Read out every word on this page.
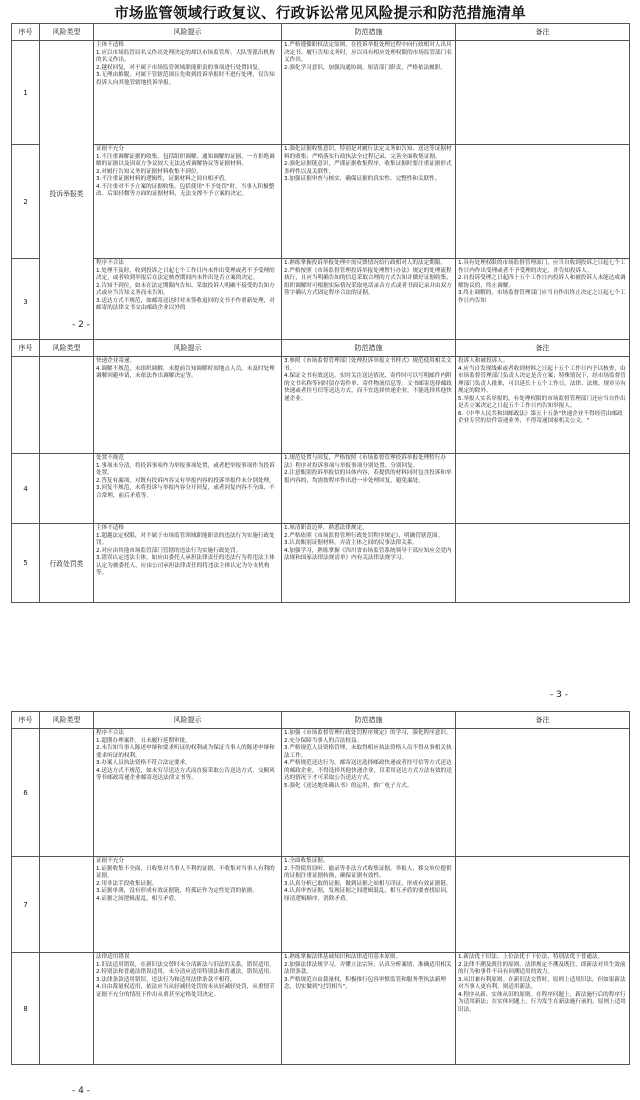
市场监管领域行政复议、行政诉讼常见风险提示和防范措施清单
序号	风险类型	风险提示	防范措施	备注
1	投诉举报类	主体不适格
1.应以市场监管局名义作出处理决定的却以市场监管所、大队等派出机构的名义作出。
2.越权回复，对不属于市场监管领域职能职责的事项进行处置回复。
3.无理由推脱，对属于管辖范围且先收到投诉举报时不进行处理，仅告知投诉人向其他管辖地投诉举报。	1.严格遵循职权法定原则，在投诉举报处理过程中向行政相对人出具决定书、履行告知义务时，应以具有相应处理权限的市场监管部门名义作出。
2.强化学习意识，加强沟通协调，厘清部门职责，严格依法履职。	

2		证据不充分
1.不注重调解证据的收集，包括组织调解、通知调解的证据、一方拒绝调解的证据以及因双方争议较大无法达成调解协议等证据材料。
2.对履行告知义务的证据材料收集不到位。
3.不注重证据材料的逻辑性，证据材料之间自相矛盾。
4.不注重对不予立案的证据收集，包括使用"不予处罚"时，当事人积极整改、后果轻微等方面的证据材料，无法支撑不予立案的决定。	1.强化证据收集意识，特别是对履行法定义务如告知、送达等证据材料的收集；严格落实行政执法全过程记录，完善全面收集证据。
2.强化证据链意识，严谨证据收集程序，收集证据时要注重证据形式多样性以及关联性。
3.加强证据审查与核实，确保证据的真实性、完整性和关联性。	

3		程序不合法
1.处理不及时，收到投诉之日起七个工作日内未作出受理或者不予受理的决定，或者收到举报后在法定核查期间内未作出是否立案的决定。
2.告知不到位，如未在法定期限内告知、采取投诉人明确不接受的告知方式或应当告知义务而未告知。
3.送达方式不规范，如邮寄送达时对未签收退回的文书不作重新处理，对邮寄的法律文书交由邮政企业以外的	1.熟练掌握投诉举报处理中需反馈情况给行政相对人的法定期限。
2.严格按照《市场监督管理投诉举报处理暂行办法》规定的处理流程执行，且应当明确告知的信息采取合理的方式告知并做好证据收集，组织调解时可根据实际情况采取电话录音方式或者书面记录并由双方签字确认方式固定程序合法的证据。	1.具有处理权限的市场监督管理部门，应当自收到投诉之日起七个工作日内作出受理或者不予受理的决定，并告知投诉人。
2.自投诉受理之日起四十五个工作日内投诉人和被投诉人未能达成调解协议的，终止调解。
3.终止调解的，市场监督管理部门应当自作出终止决定之日起七个工作日内告知
- 2 -
序号	风险类型	风险提示	防范措施	备注

		快递企业寄递。
4.调解不规范，未组织调解，未提前告知调解时间地点人员，未及时处理调解回避申请，未依法作出调解决定等。	3.参照《市场监督管理部门处理投诉举报文书样式》规范使用相关文书。
4.保证文书有效送达，实时关注送达情况，寄件时可以写明邮件内附的文书名称等同时留存寄件单、寄件物流信息等。文书邮寄选择邮政快递或者挂号信等送达方式，而不宜选择快递企业，不能选择其他快递企业。	投诉人和被投诉人。
4.应当自发现线索或者收到材料之日起十五个工作日内予以核查，由市场监督管理部门负责人决定是否立案；特殊情况下，经市场监督管理部门负责人批准，可以延长十五个工作日。法律、法规、规章另有规定的除外。
5.举报人实名举报的，有处理权限的市场监督管理部门还应当自作出是否立案决定之日起五个工作日内告知举报人。
6.《中华人民共和国邮政法》第五十五条"快递企业不得经营由邮政企业专营的信件寄递业务，不得寄递国家机关公文。"

4		处置不规范
1.事项未分清，将投诉事项作为举报事项处置，或者把举报事项作为投诉处置。
2.答复有漏项，对既有投诉内容又有举报内容的投诉举报件未分别处理。
3.回复不规范，未将投诉与举报内容分开回复，或者回复内容不全面、不合常理、前后矛盾等。	1.规范处置与回复，严格按照《市场监督管理投诉举报处理暂行办法》程序对投诉事项与举报事项分别处置、分别回复。
2.注意甄别投诉举报信的具体内容，若提供的材料同时包含投诉和举报内容的，均需按程序作出进一步处理回复，避免漏处。	

5	行政处罚类	主体不适格
1.超越法定权限，对不属于市场监管领域职能职责的违法行为实施行政处罚。
2.对应由其他市场监管部门管辖的违法行为实施行政处罚。
3.错误认定违法主体，如应由委托人承担法律责任的违法行为将违法主体认定为被委托人，应由公司承担法律责任的将违法主体认定为分支机构等。	1.厘清职责边界，熟悉法律规定。
2.严格依照《市场监督管理行政处罚程序规定》，明确管辖范围。
3.认真甄别证据材料，弄清主体之间的民事法律关系。
4.加强学习，熟练掌握《四川省市场监管系统领导干部应知应会党内法规和国家法律法规清单》内有关法律法规学习。	

- 3 -
序号	风险类型	风险提示	防范措施	备注
6		程序不合法
1.超期办理案件，且未履行延期审批。
2.未告知当事人陈述申辩和要求听证的权利或为保证当事人的陈述申辩和要求听证的权利。
3.办案人员执法资格不符合法定要求。
4.送达方式不规范，如未穷尽送达方式而直接采取公告送达方式，交顺风等非邮政寄递企业邮寄送达法律文书等。	1.加强《市场监督管理行政处罚程序规定》的学习，强化程序意识。
2.充分保障当事人的合法权益。
3.严格规范人员资格管理，未取得相应执法资格人员不得从事相关执法工作。
4.严格规范送达行为，邮寄送达选择邮政快递或者挂号信等方式送达的邮政企业，不得选择其他快递企业，仅采用送达方式方法有效的送达的情况下才可采取公告送达方式。
5.强化《送达地址确认书》的运用，推广电子方式。	

7		证据不充分
1.证据收集不全面，只收集对当事人不利的证据，不收集对当事人有利的证据。
2.用非法手段收集证据。
3.证据单薄，没有形成有效证据链，将孤证作为定性处罚的依据。
4.证据之间逻辑混乱，相互矛盾。	1.全面收集证据。
2.不得使用窃听、偷录等非法方式收集证据，举报人、移交单位提供的证据注重证据转换，确保证据有效性。
3.认真分析已取的证据，做到证据之间相互印证，形成有效证据链。
4.认真审查证据，发现证据之间逻辑混乱，相互矛盾的要查找原因，厘清逻辑顺序，消除矛盾。	

8		法律适用错误
1.旧法适用错误，在新旧法交替时未分清新法与旧法的关系，错误适用。
2.特别法和普通法错误适用，未分清应适用特别法和普通法，错误适用。
3.法律条款适用错误，违法行为和适用法律条款不相符。
4.自由裁量权适用，依法应当从轻减轻处罚的未从轻减轻处罚，从重情节证据不充分的情况下作出从重甚至定格处罚决定。	1.熟练掌握法律基础知识和法律适用基本原则。
2.加强法律法规学习，弄懂立法宗旨，认真分析案情，准确适用相关法律条款。
3.严格规范自由裁量权，积极推行包容审慎监管和服务型执法新理念，切实做到"过罚相当"。	1.新法优于旧法、上位法优于下位法、特别法优于普通法。
2.法律不溯及既往的原则。法律规定不溯及既往，即新法对其生效前的行为和事件不具有回溯适用的效力。
3.从旧兼有利原则。在新旧法交替时，原则上适用旧法，但如果新法对当事人更有利，则适用新法。
4.程序从新、实体从旧的原则。在程序问题上，新法施行后的程序行为适用新法；在实体问题上，行为发生在新法施行前的，原则上适用旧法。
- 4 -
